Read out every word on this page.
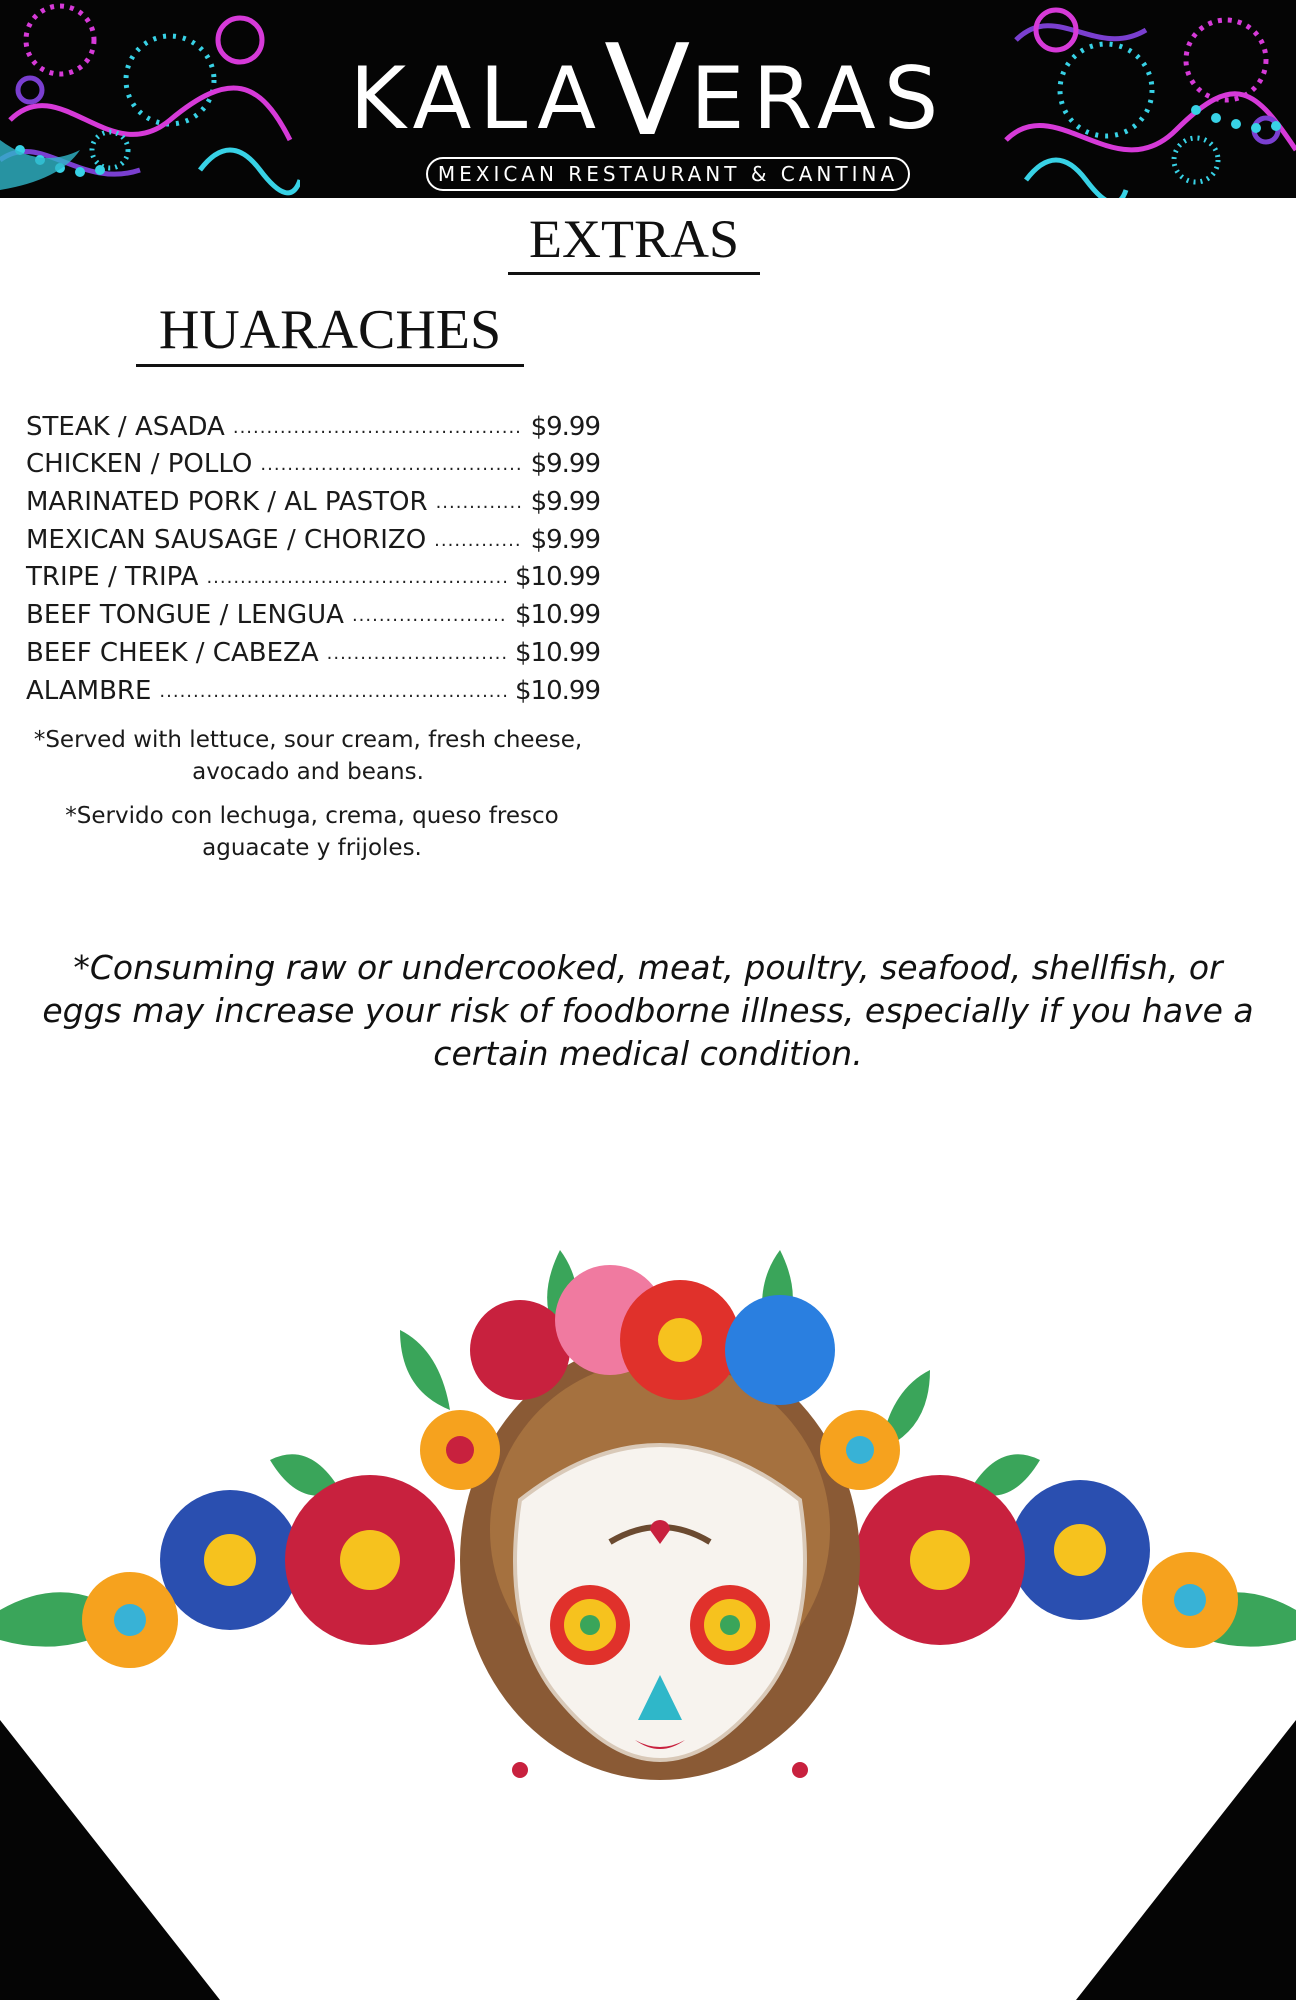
KALAVERAS
MEXICAN RESTAURANT & CANTINA
EXTRAS
HUARACHES
STEAK / ASADA .....	$9.99
CHICKEN / POLLO .....	$9.99
MARINATED PORK / AL PASTOR .....	$9.99
MEXICAN SAUSAGE / CHORIZO .....	$9.99
TRIPE / TRIPA .....	$10.99
BEEF TONGUE / LENGUA .....	$10.99
BEEF CHEEK / CABEZA .....	$10.99
ALAMBRE .....	$10.99
*Served with lettuce, sour cream, fresh cheese,
avocado and beans.
*Servido con lechuga, crema, queso fresco
aguacate y frijoles.
*Consuming raw or undercooked, meat, poultry, seafood, shellfish, or
eggs may increase your risk of foodborne illness, especially if you have a
certain medical condition.
